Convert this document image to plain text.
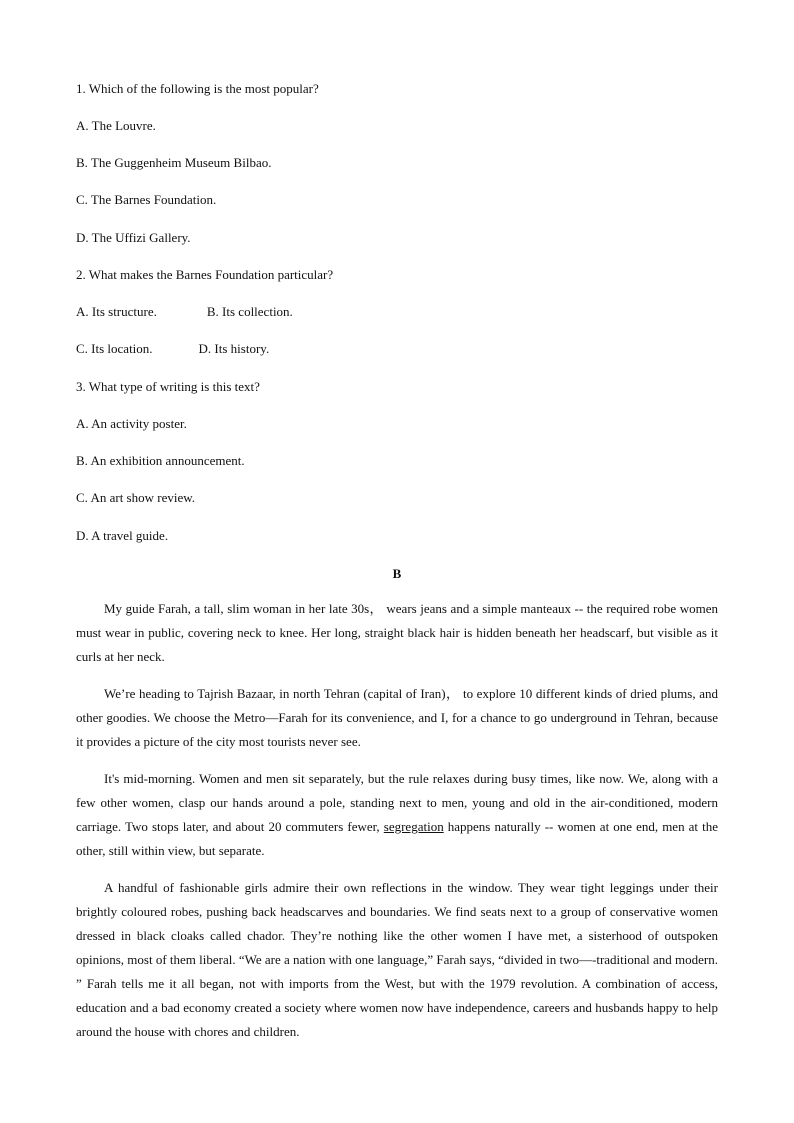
1. Which of the following is the most popular?
A. The Louvre.
B. The Guggenheim Museum Bilbao.
C. The Barnes Foundation.
D. The Uffizi Gallery.
2. What makes the Barnes Foundation particular?
A. Its structure.	B. Its collection.
C. Its location.	D. Its history.
3. What type of writing is this text?
A. An activity poster.
B. An exhibition announcement.
C. An art show review.
D. A travel guide.
B

My guide Farah, a tall, slim woman in her late 30s， wears jeans and a simple manteaux -- the required robe women must wear in public, covering neck to knee. Her long, straight black hair is hidden beneath her headscarf, but visible as it curls at her neck.

We’re heading to Tajrish Bazaar, in north Tehran (capital of Iran)， to explore 10 different kinds of dried plums, and other goodies. We choose the Metro—Farah for its convenience, and I, for a chance to go underground in Tehran, because it provides a picture of the city most tourists never see.

It's mid-morning. Women and men sit separately, but the rule relaxes during busy times, like now. We, along with a few other women, clasp our hands around a pole, standing next to men, young and old in the air-conditioned, modern carriage. Two stops later, and about 20 commuters fewer, segregation happens naturally -- women at one end, men at the other, still within view, but separate.

A handful of fashionable girls admire their own reflections in the window. They wear tight leggings under their brightly coloured robes, pushing back headscarves and boundaries. We find seats next to a group of conservative women dressed in black cloaks called chador. They’re nothing like the other women I have met, a sisterhood of outspoken opinions, most of them liberal. “We are a nation with one language,” Farah says, “divided in two—-traditional and modern. ” Farah tells me it all began, not with imports from the West, but with the 1979 revolution. A combination of access, education and a bad economy created a society where women now have independence, careers and husbands happy to help around the house with chores and children.
